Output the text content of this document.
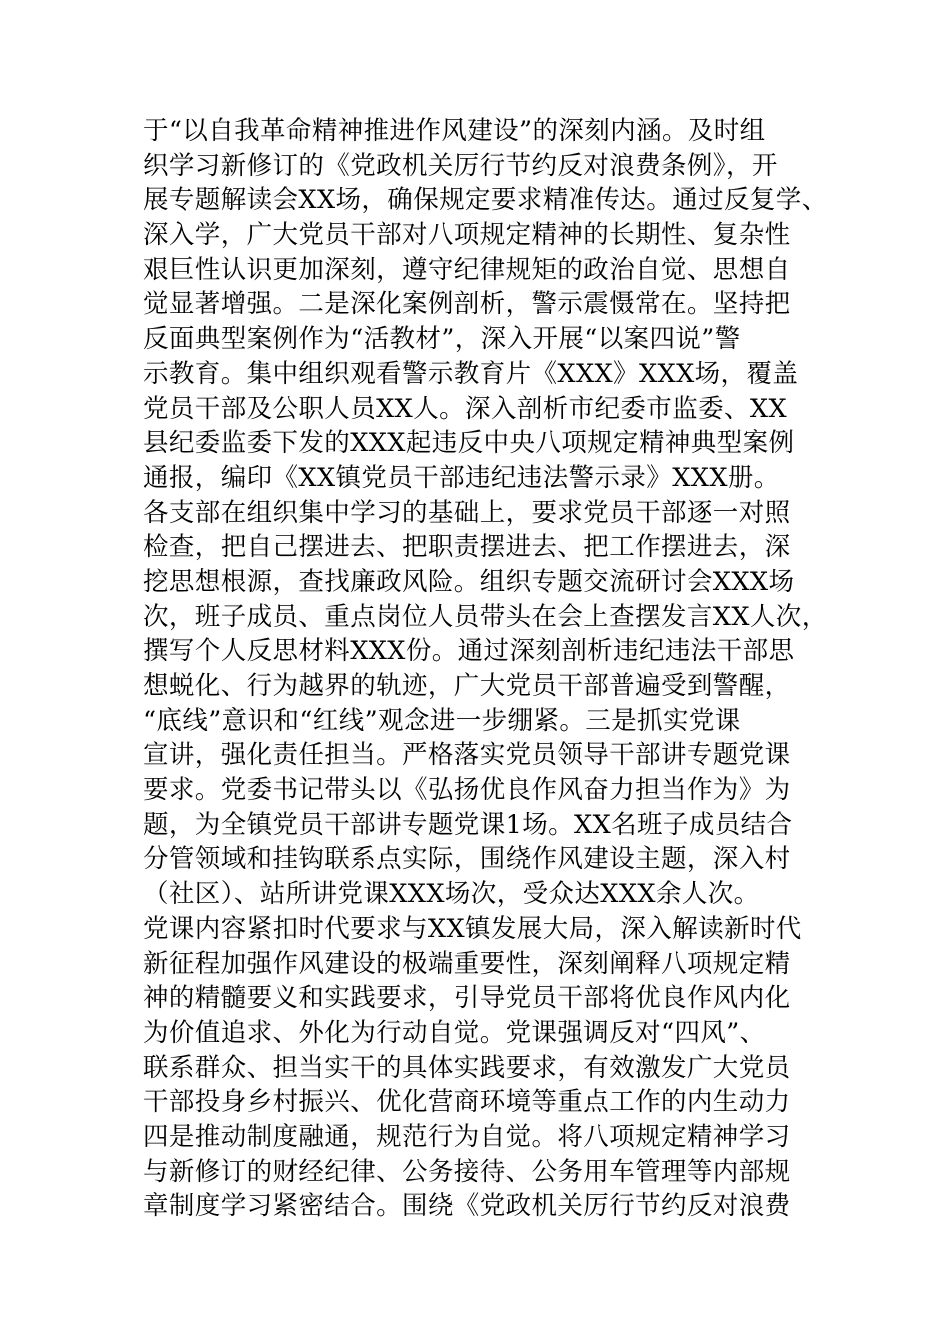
于“以自我革命精神推进作风建设”的深刻内涵。及时组
织学习新修订的《党政机关厉行节约反对浪费条例》，开
展专题解读会XX场，确保规定要求精准传达。通过反复学、
深入学，广大党员干部对八项规定精神的长期性、复杂性
艰巨性认识更加深刻，遵守纪律规矩的政治自觉、思想自
觉显著增强。二是深化案例剖析，警示震慑常在。坚持把
反面典型案例作为“活教材”，深入开展“以案四说”警
示教育。集中组织观看警示教育片《XXX》XXX场，覆盖
党员干部及公职人员XX人。深入剖析市纪委市监委、XX
县纪委监委下发的XXX起违反中央八项规定精神典型案例
通报，编印《XX镇党员干部违纪违法警示录》XXX册。
各支部在组织集中学习的基础上，要求党员干部逐一对照
检查，把自己摆进去、把职责摆进去、把工作摆进去，深
挖思想根源，查找廉政风险。组织专题交流研讨会XXX场
次，班子成员、重点岗位人员带头在会上查摆发言XX人次，
撰写个人反思材料XXX份。通过深刻剖析违纪违法干部思
想蜕化、行为越界的轨迹，广大党员干部普遍受到警醒，
“底线”意识和“红线”观念进一步绷紧。三是抓实党课
宣讲，强化责任担当。严格落实党员领导干部讲专题党课
要求。党委书记带头以《弘扬优良作风奋力担当作为》为
题，为全镇党员干部讲专题党课1场。XX名班子成员结合
分管领域和挂钩联系点实际，围绕作风建设主题，深入村
（社区）、站所讲党课XXX场次，受众达XXX余人次。
党课内容紧扣时代要求与XX镇发展大局，深入解读新时代
新征程加强作风建设的极端重要性，深刻阐释八项规定精
神的精髓要义和实践要求，引导党员干部将优良作风内化
为价值追求、外化为行动自觉。党课强调反对“四风”、
联系群众、担当实干的具体实践要求，有效激发广大党员
干部投身乡村振兴、优化营商环境等重点工作的内生动力
四是推动制度融通，规范行为自觉。将八项规定精神学习
与新修订的财经纪律、公务接待、公务用车管理等内部规
章制度学习紧密结合。围绕《党政机关厉行节约反对浪费
